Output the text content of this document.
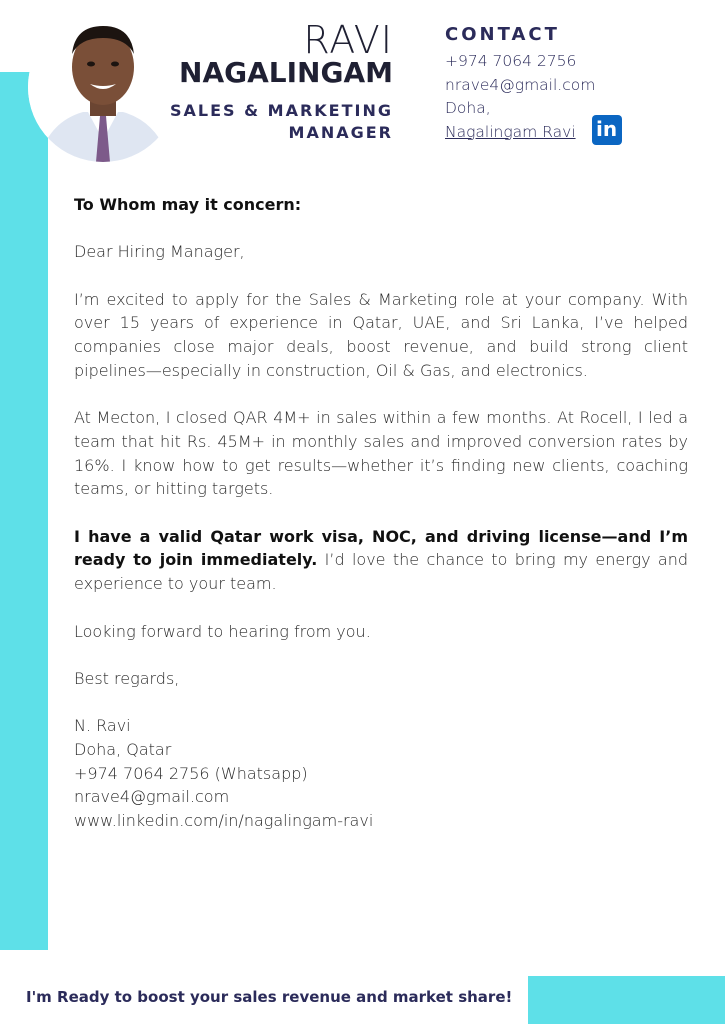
RAVI
NAGALINGAM
SALES & MARKETING
MANAGER
CONTACT
+974 7064 2756
nrave4@gmail.com
Doha,
Nagalingam Ravi in

To Whom may it concern:

Dear Hiring Manager,

I’m excited to apply for the Sales & Marketing role at your company. With over 15 years of experience in Qatar, UAE, and Sri Lanka, I’ve helped companies close major deals, boost revenue, and build strong client pipelines—especially in construction, Oil & Gas, and electronics.

At Mecton, I closed QAR 4M+ in sales within a few months. At Rocell, I led a team that hit Rs. 45M+ in monthly sales and improved conversion rates by 16%. I know how to get results—whether it’s finding new clients, coaching teams, or hitting targets.

I have a valid Qatar work visa, NOC, and driving license—and I’m ready to join immediately. I’d love the chance to bring my energy and experience to your team.

Looking forward to hearing from you.

Best regards,

N. Ravi
Doha, Qatar
+974 7064 2756 (Whatsapp)
nrave4@gmail.com
www.linkedin.com/in/nagalingam-ravi
I'm Ready to boost your sales revenue and market share!
